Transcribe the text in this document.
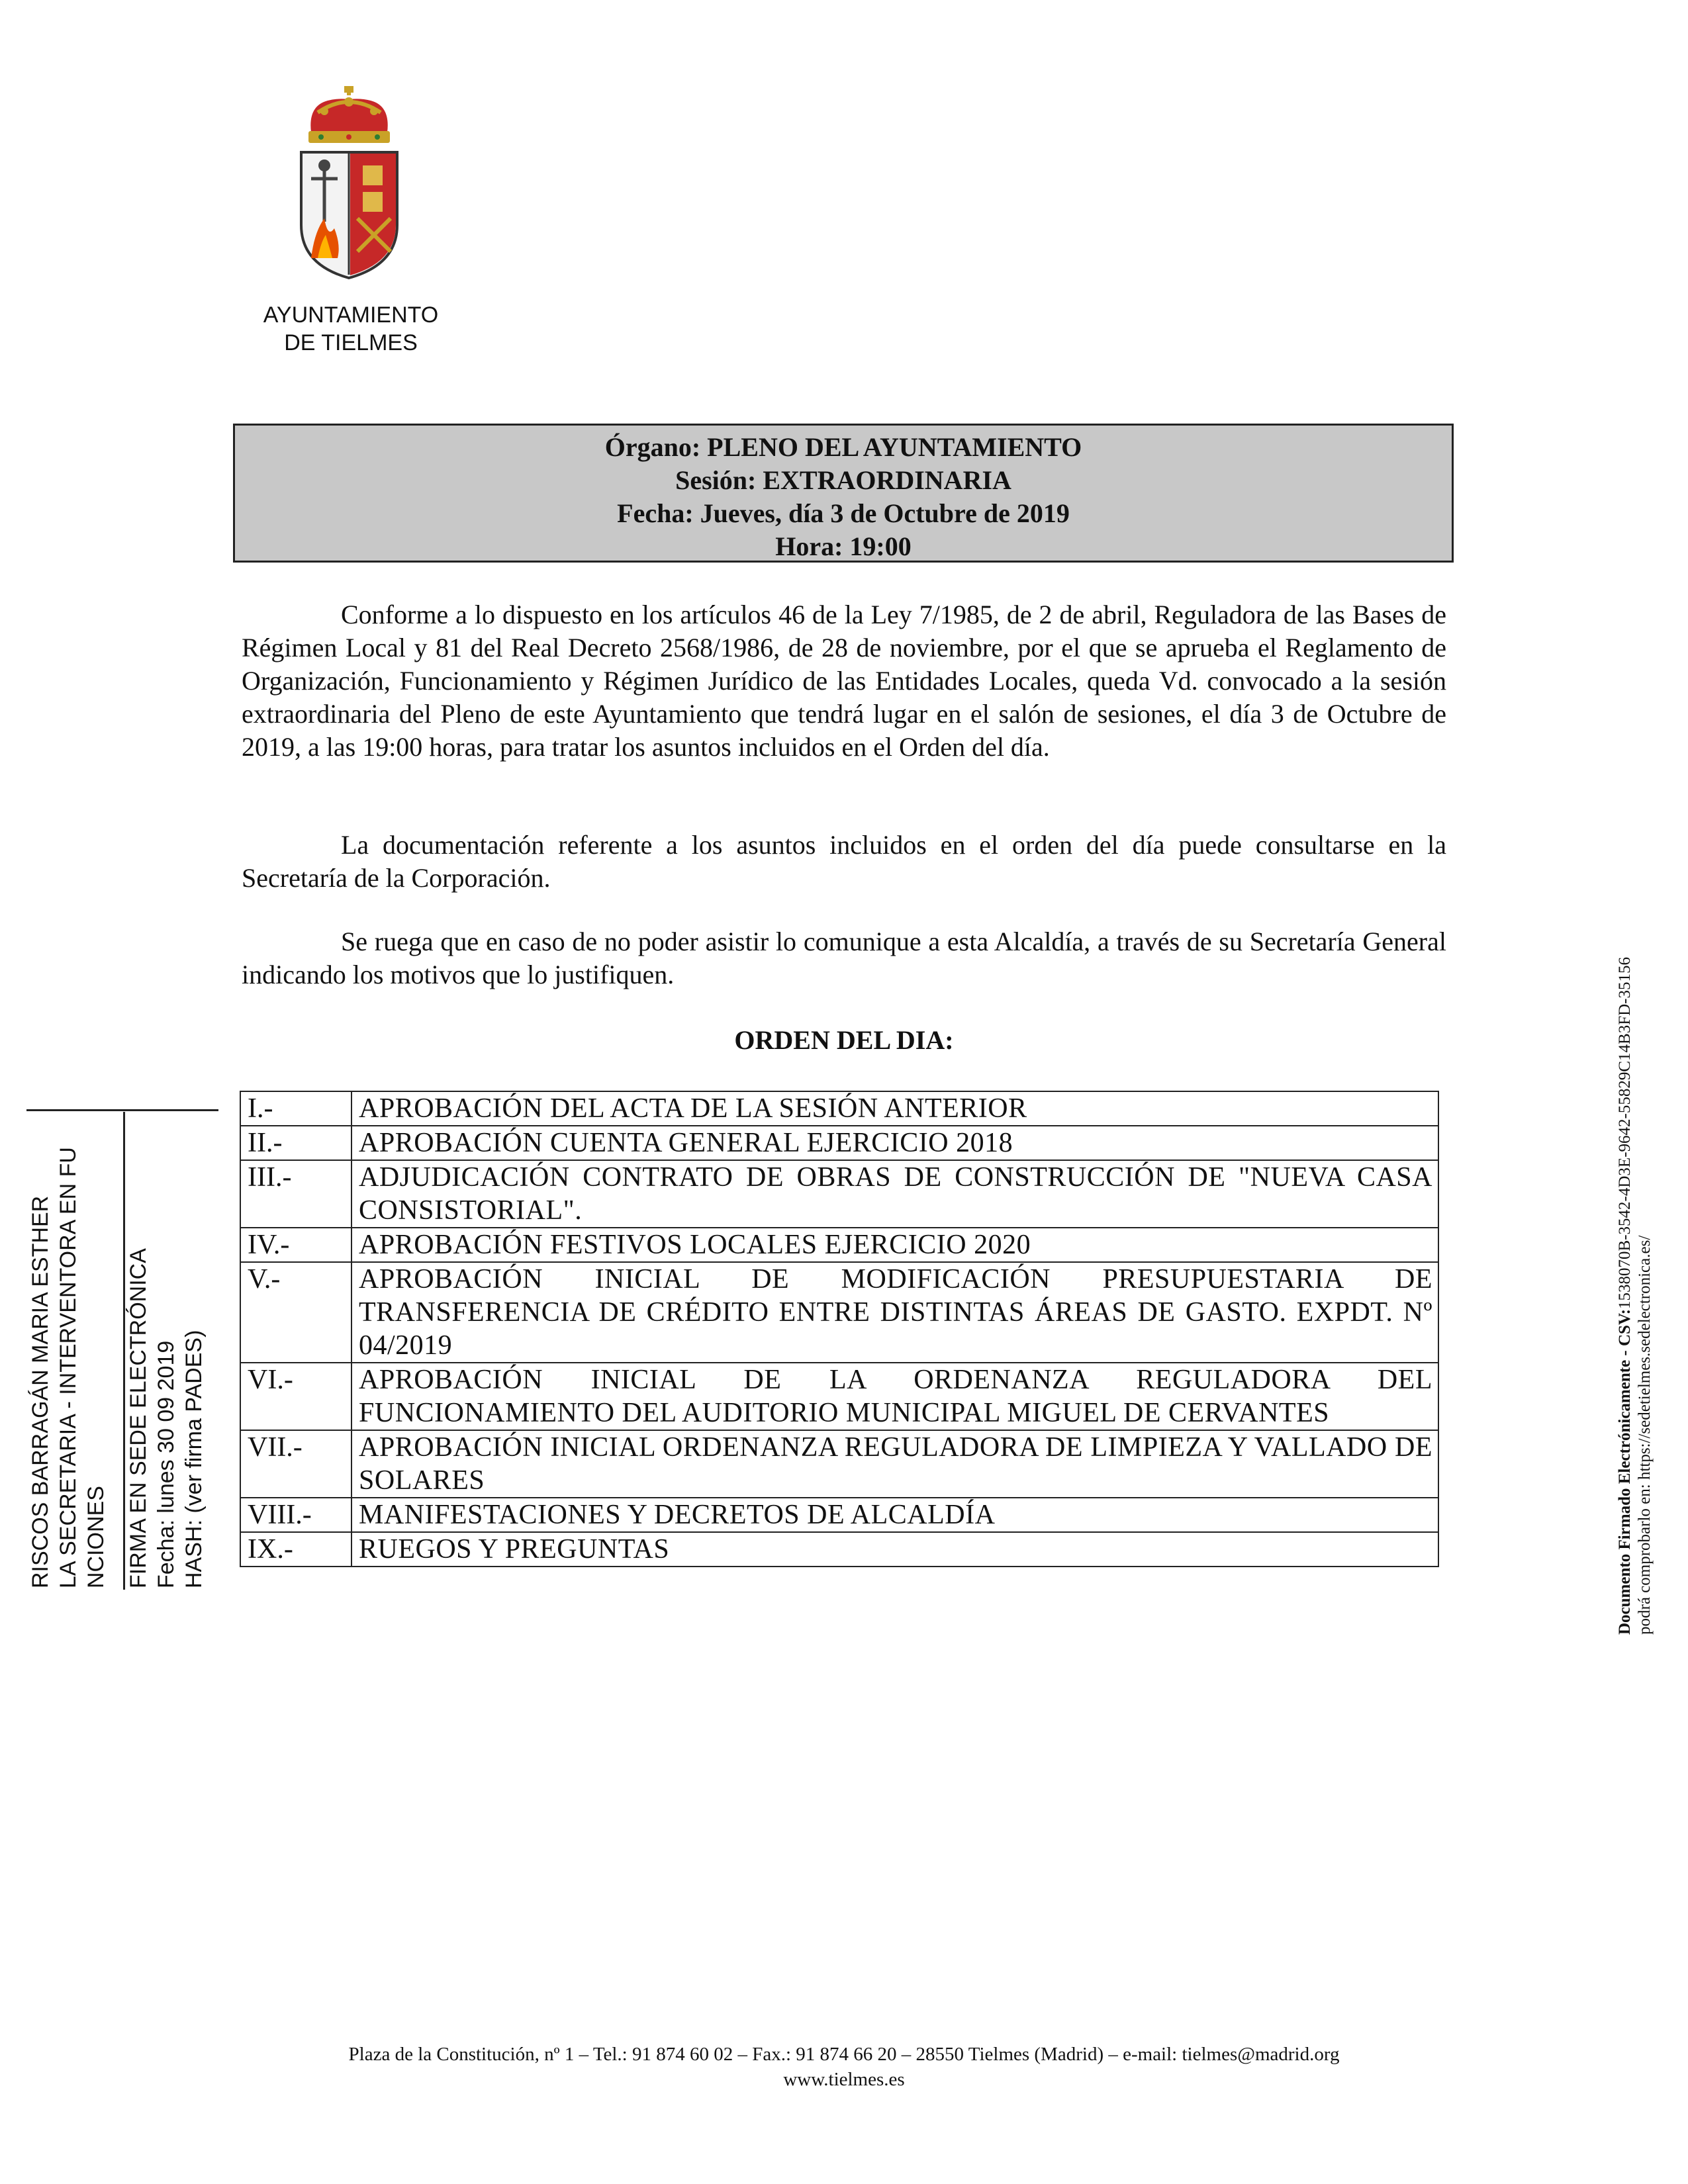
AYUNTAMIENTO
DE TIELMES
Órgano: PLENO DEL AYUNTAMIENTO
Sesión: EXTRAORDINARIA
Fecha: Jueves, día 3 de Octubre de 2019
Hora: 19:00
Conforme a lo dispuesto en los artículos 46 de la Ley 7/1985, de 2 de abril, Reguladora de las Bases de Régimen Local y 81 del Real Decreto 2568/1986, de 28 de noviembre, por el que se aprueba el Reglamento de Organización, Funcionamiento y Régimen Jurídico de las Entidades Locales, queda Vd. convocado a la sesión extraordinaria del Pleno de este Ayuntamiento que tendrá lugar en el salón de sesiones, el día 3 de Octubre de 2019, a las 19:00 horas, para tratar los asuntos incluidos en el Orden del día.
La documentación referente a los asuntos incluidos en el orden del día puede consultarse en la Secretaría de la Corporación.
Se ruega que en caso de no poder asistir lo comunique a esta Alcaldía, a través de su Secretaría General indicando los motivos que lo justifiquen.
ORDEN DEL DIA:
I.-	APROBACIÓN DEL ACTA DE LA SESIÓN ANTERIOR
II.-	APROBACIÓN CUENTA GENERAL EJERCICIO 2018
III.-	ADJUDICACIÓN CONTRATO DE OBRAS DE CONSTRUCCIÓN DE "NUEVA CASA CONSISTORIAL".
IV.-	APROBACIÓN FESTIVOS LOCALES EJERCICIO 2020
V.-	APROBACIÓN INICIAL DE MODIFICACIÓN PRESUPUESTARIA DE TRANSFERENCIA DE CRÉDITO ENTRE DISTINTAS ÁREAS DE GASTO. EXPDT. Nº 04/2019
VI.-	APROBACIÓN INICIAL DE LA ORDENANZA REGULADORA DEL FUNCIONAMIENTO DEL AUDITORIO MUNICIPAL MIGUEL DE CERVANTES
VII.-	APROBACIÓN INICIAL ORDENANZA REGULADORA DE LIMPIEZA Y VALLADO DE SOLARES
VIII.-	MANIFESTACIONES Y DECRETOS DE ALCALDÍA
IX.-	RUEGOS Y PREGUNTAS
RISCOS BARRAGÁN MARIA ESTHER LA SECRETARIA - INTERVENTORA EN FU NCIONES FIRMA EN SEDE ELECTRÓNICA Fecha: lunes 30 09 2019 HASH: (ver firma PADES)	Documento Firmado Electrónicamente - CSV:1538070B-3542-4D3E-9642-55829C14B3FD-35156
podrá comprobarlo en: https://sedetielmes.sedelectronica.es/
Plaza de la Constitución, nº 1 – Tel.: 91 874 60 02 – Fax.: 91 874 66 20 – 28550 Tielmes (Madrid) – e-mail: tielmes@madrid.org
www.tielmes.es
